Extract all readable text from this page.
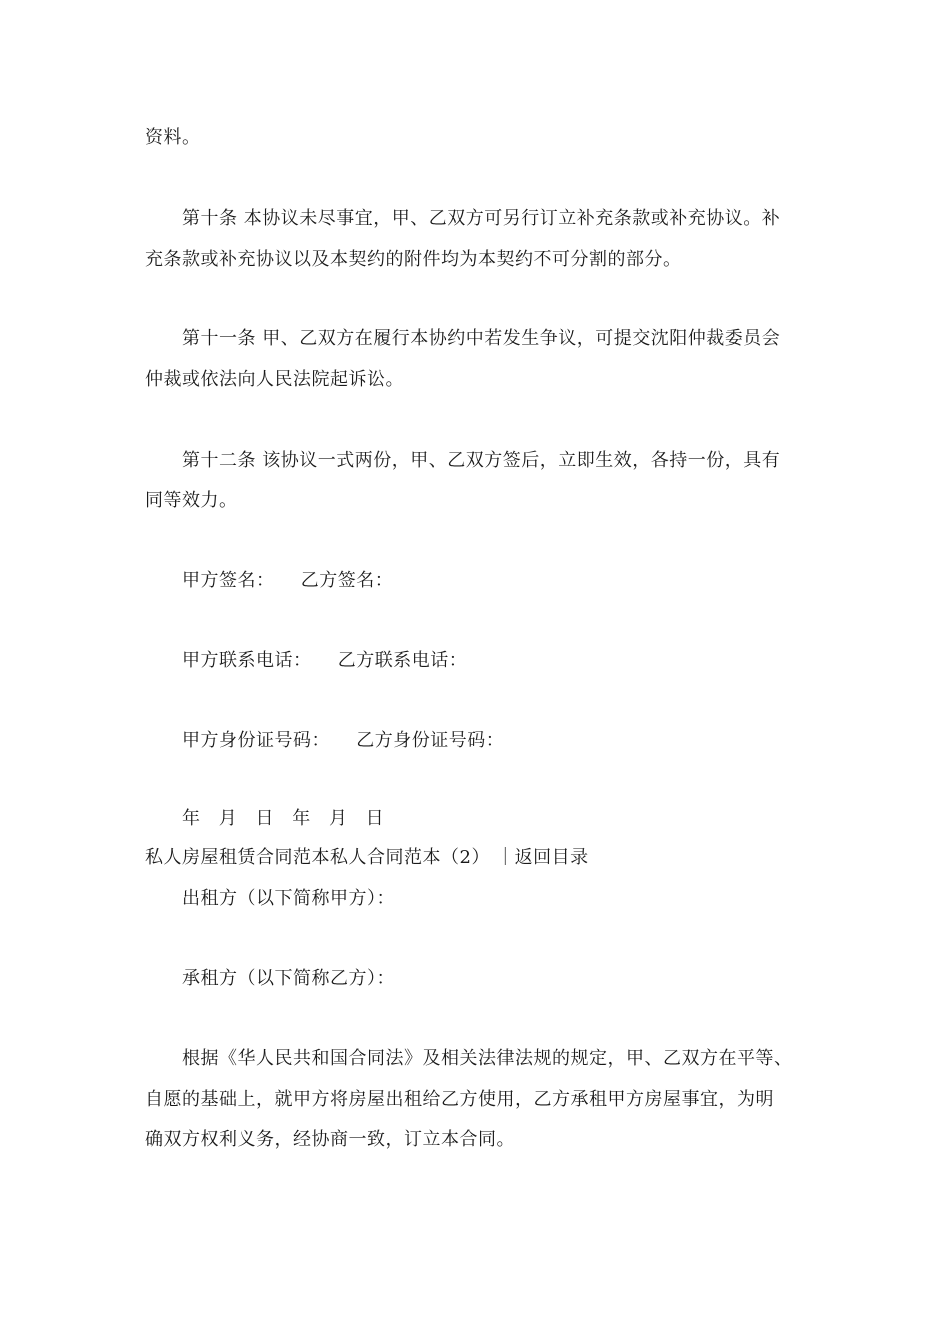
资料。
第十条 本协议未尽事宜，甲、乙双方可另行订立补充条款或补充协议。补
充条款或补充协议以及本契约的附件均为本契约不可分割的部分。
第十一条 甲、乙双方在履行本协约中若发生争议，可提交沈阳仲裁委员会
仲裁或依法向人民法院起诉讼。
第十二条 该协议一式两份，甲、乙双方签后，立即生效，各持一份，具有
同等效力。
甲方签名： 乙方签名：
甲方联系电话： 乙方联系电话：
甲方身份证号码： 乙方身份证号码：
年 月 日 年 月 日
私人房屋租赁合同范本私人合同范本（2） ｜返回目录
出租方（以下简称甲方）：
承租方（以下简称乙方）：
根据《华人民共和国合同法》及相关法律法规的规定，甲、乙双方在平等、
自愿的基础上，就甲方将房屋出租给乙方使用，乙方承租甲方房屋事宜，为明
确双方权利义务，经协商一致，订立本合同。
